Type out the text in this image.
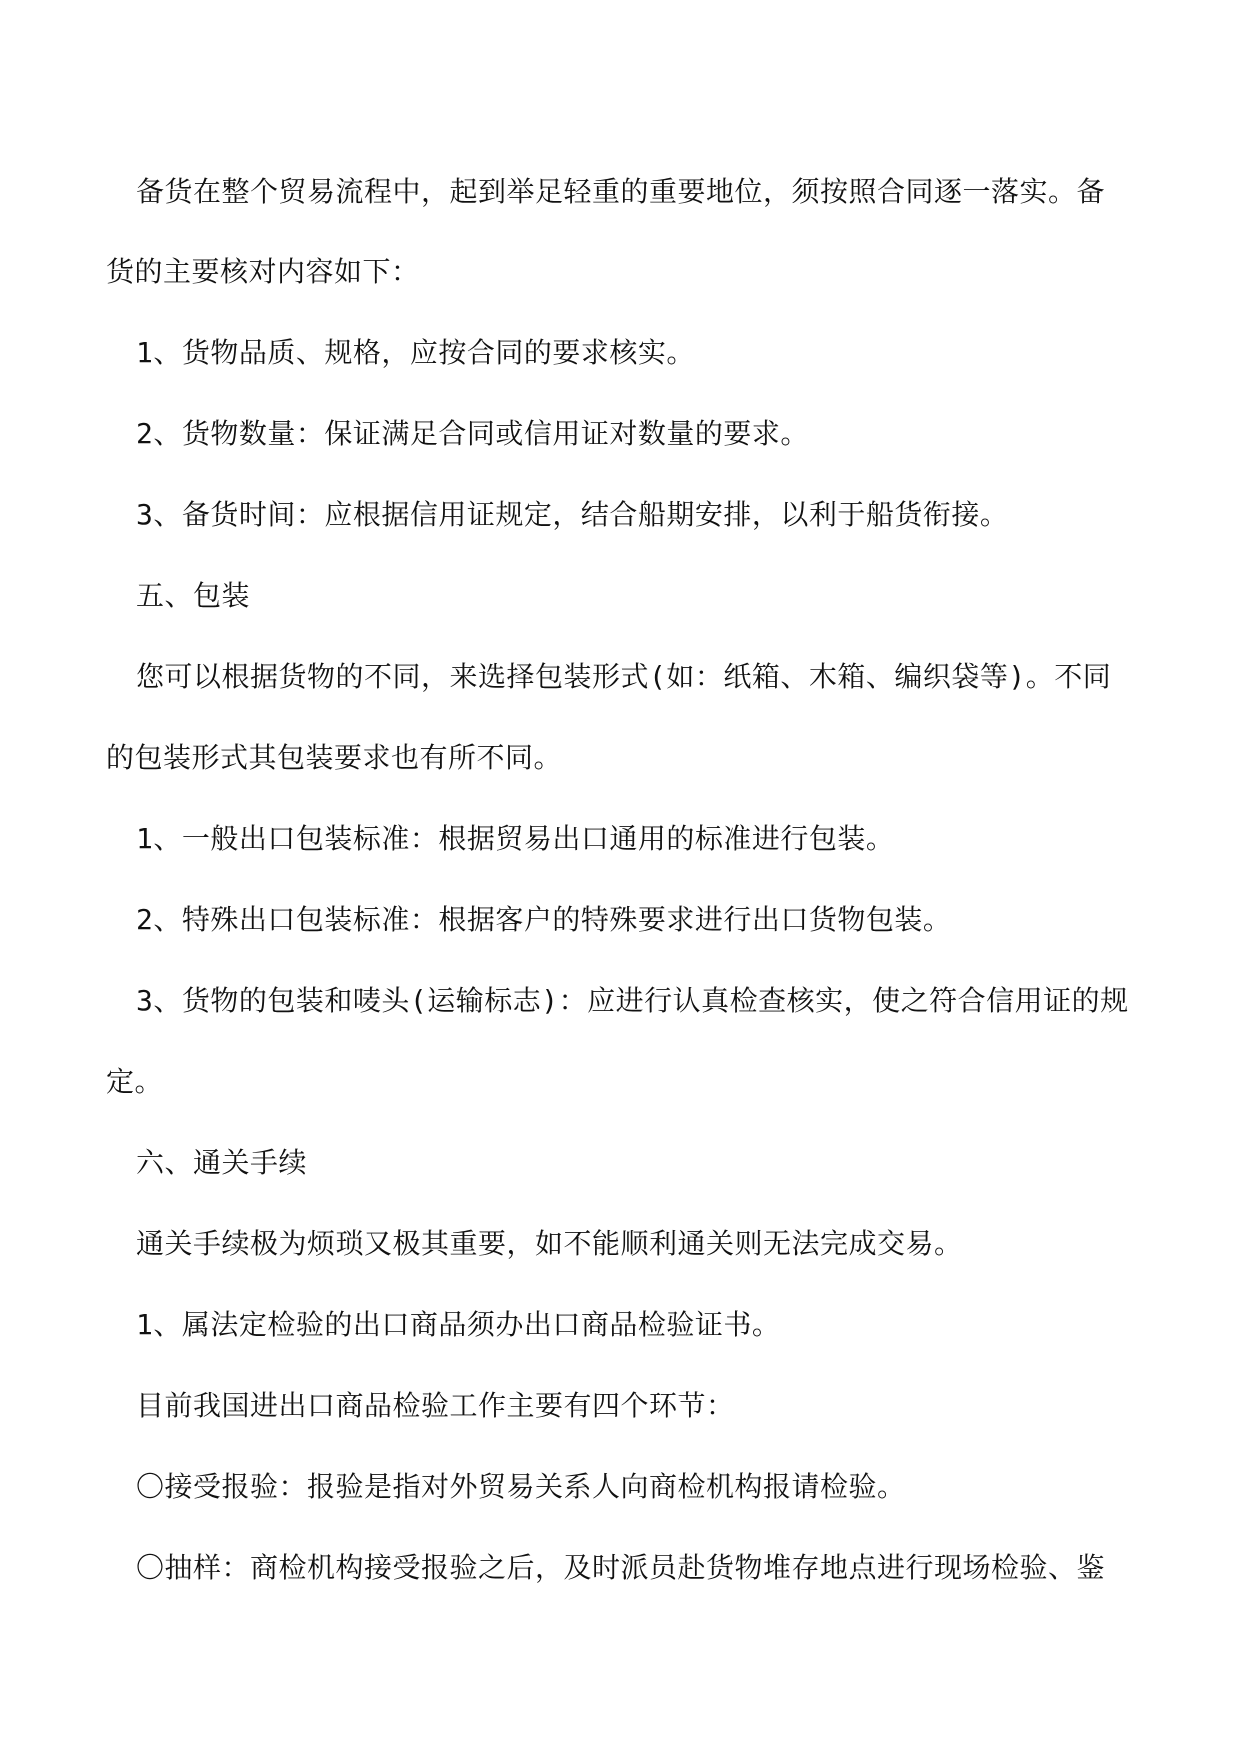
备货在整个贸易流程中，起到举足轻重的重要地位，须按照合同逐一落实。备
货的主要核对内容如下：
1、货物品质、规格，应按合同的要求核实。
2、货物数量：保证满足合同或信用证对数量的要求。
3、备货时间：应根据信用证规定，结合船期安排，以利于船货衔接。
五、包装
您可以根据货物的不同，来选择包装形式(如：纸箱、木箱、编织袋等)。不同
的包装形式其包装要求也有所不同。
1、一般出口包装标准：根据贸易出口通用的标准进行包装。
2、特殊出口包装标准：根据客户的特殊要求进行出口货物包装。
3、货物的包装和唛头(运输标志)：应进行认真检查核实，使之符合信用证的规
定。
六、通关手续
通关手续极为烦琐又极其重要，如不能顺利通关则无法完成交易。
1、属法定检验的出口商品须办出口商品检验证书。
目前我国进出口商品检验工作主要有四个环节：
〇接受报验：报验是指对外贸易关系人向商检机构报请检验。
〇抽样：商检机构接受报验之后，及时派员赴货物堆存地点进行现场检验、鉴
